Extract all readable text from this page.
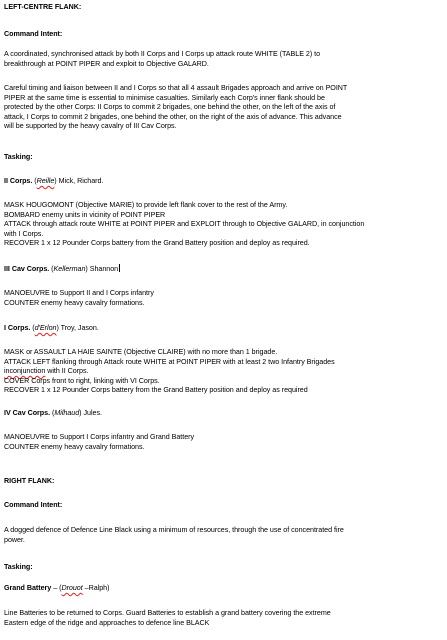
LEFT-CENTRE FLANK:
Command Intent:
A coordinated, synchronised attack by both II Corps and I Corps up attack route WHITE (TABLE 2) to
breakthrough at POINT PIPER and exploit to Objective GALARD.
Careful timing and liaison between II and I Corps so that all 4 assault Brigades approach and arrive on POINT
PIPER at the same time is essential to minimise casualties. Similarly each Corp's inner flank should be
protected by the other Corps: II Corps to commit 2 brigades, one behind the other, on the left of the axis of
attack, I Corps to commit 2 brigades, one behind the other, on the right of the axis of advance. This advance
will be supported by the heavy cavalry of III Cav Corps.
Tasking:
II Corps. (Reille) Mick, Richard.
MASK HOUGOMONT (Objective MARIE) to provide left flank cover to the rest of the Army.
BOMBARD enemy units in vicinity of POINT PIPER
ATTACK through attack route WHITE at POINT PIPER and EXPLOIT through to Objective GALARD, in conjunction
with I Corps.
RECOVER 1 x 12 Pounder Corps battery from the Grand Battery position and deploy as required.
III Cav Corps. (Kellerman) Shannon
MANOEUVRE to Support II and I Corps infantry
COUNTER enemy heavy cavalry formations.
I Corps. (d'Erlon) Troy, Jason.
MASK or ASSAULT LA HAIE SAINTE (Objective CLAIRE) with no more than 1 brigade.
ATTACK LEFT flanking through Attack route WHITE at POINT PIPER with at least 2 two Infantry Brigades
inconjunction with II Corps.
COVER Corps front to right, linking with VI Corps.
RECOVER 1 x 12 Pounder Corps battery from the Grand Battery position and deploy as required
IV Cav Corps. (Milhaud) Jules.
MANOEUVRE to Support I Corps infantry and Grand Battery
COUNTER enemy heavy cavalry formations.
RIGHT FLANK:
Command Intent:
A dogged defence of Defence Line Black using a minimum of resources, through the use of concentrated fire
power.
Tasking:
Grand Battery – (Drouot –Ralph)
Line Batteries to be returned to Corps. Guard Batteries to establish a grand battery covering the extreme
Eastern edge of the ridge and approaches to defence line BLACK
